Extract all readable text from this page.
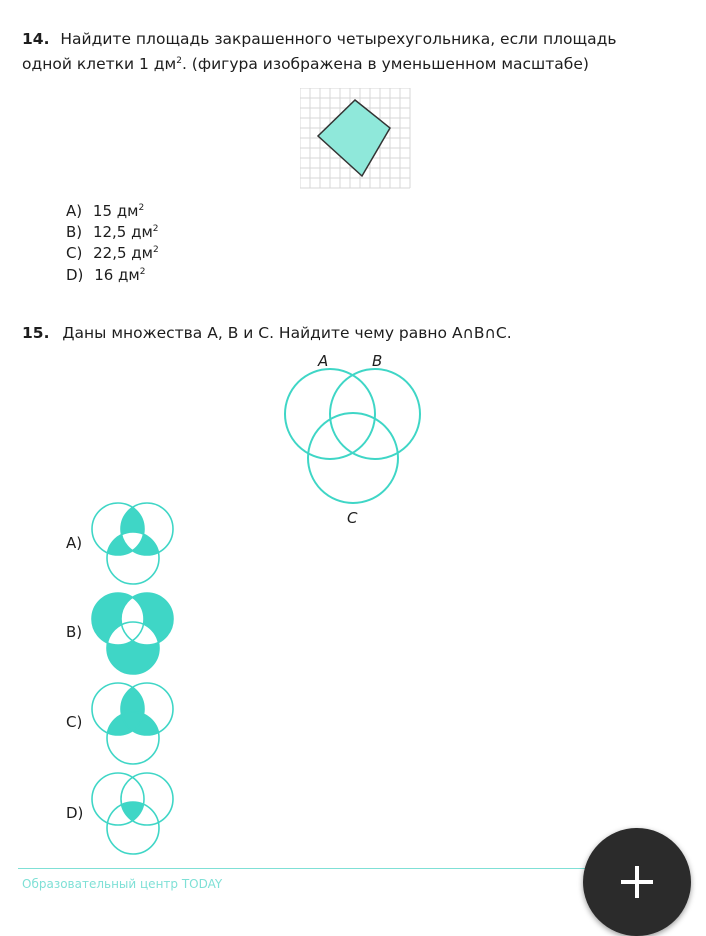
14. Найдите площадь закрашенного четырехугольника, если площадь
одной клетки 1 $дм^2$. (фигура изображена в уменьшенном масштабе)
A) 15 $дм^2$
B) 12,5 $дм^2$
C) 22,5 $дм^2$
D) 16 $дм^2$
15. Даны множества A, B и C. Найдите чему равно A∩B∩C.
A	B
C
A)
B)
C)
D)
Образовательный центр TODAY
